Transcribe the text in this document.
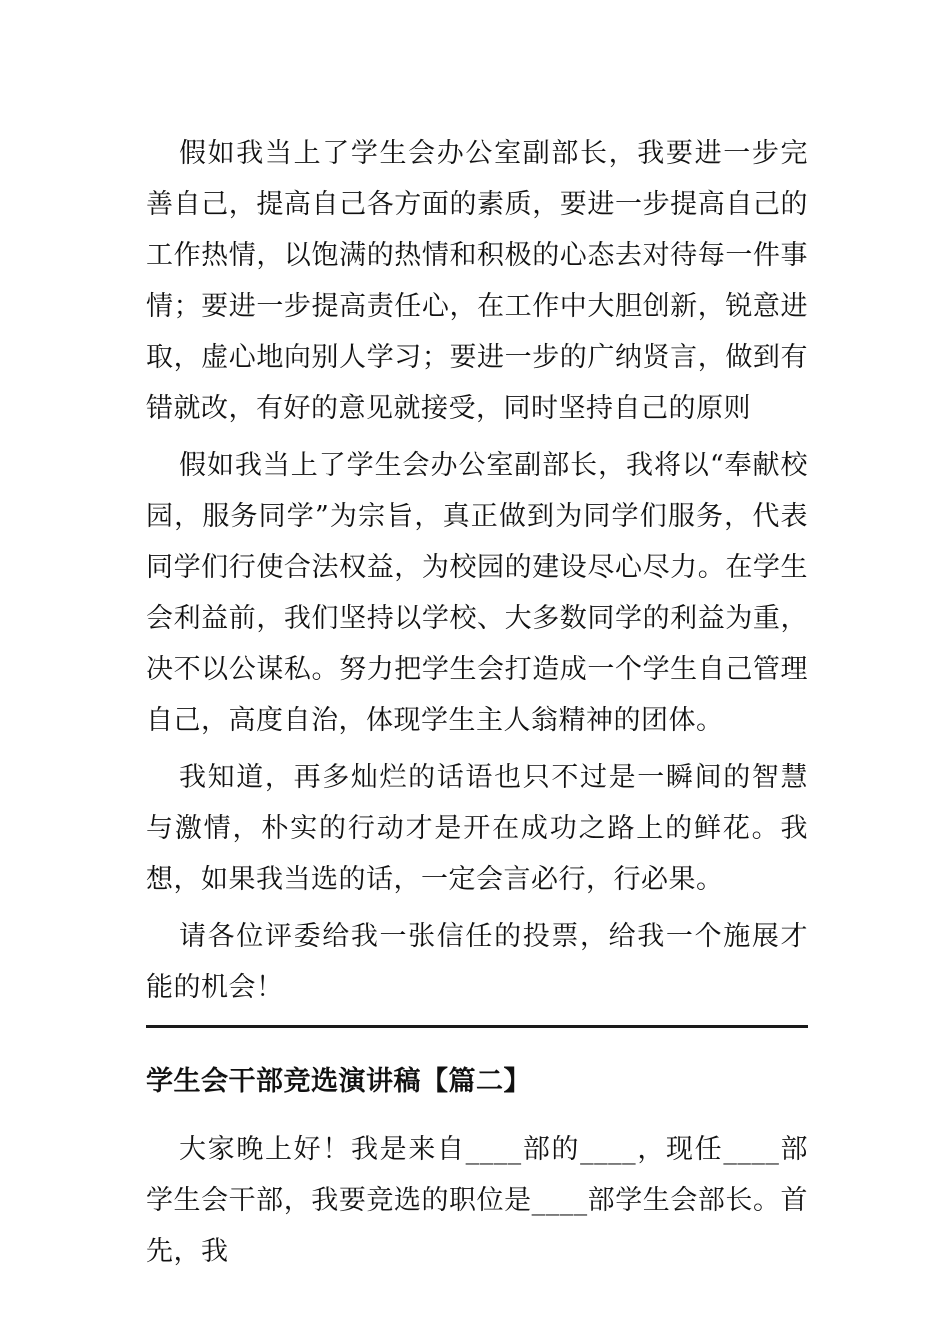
假如我当上了学生会办公室副部长，我要进一步完善自己，提高自己各方面的素质，要进一步提高自己的工作热情，以饱满的热情和积极的心态去对待每一件事情；要进一步提高责任心，在工作中大胆创新，锐意进取，虚心地向别人学习；要进一步的广纳贤言，做到有错就改，有好的意见就接受，同时坚持自己的原则

假如我当上了学生会办公室副部长，我将以“奉献校园，服务同学”为宗旨，真正做到为同学们服务，代表同学们行使合法权益，为校园的建设尽心尽力。在学生会利益前，我们坚持以学校、大多数同学的利益为重，决不以公谋私。努力把学生会打造成一个学生自己管理自己，高度自治，体现学生主人翁精神的团体。

我知道，再多灿烂的话语也只不过是一瞬间的智慧与激情，朴实的行动才是开在成功之路上的鲜花。我想，如果我当选的话，一定会言必行，行必果。

请各位评委给我一张信任的投票，给我一个施展才能的机会！

学生会干部竞选演讲稿【篇二】

大家晚上好！我是来自____部的____，现任____部学生会干部，我要竞选的职位是____部学生会部长。首先，我
